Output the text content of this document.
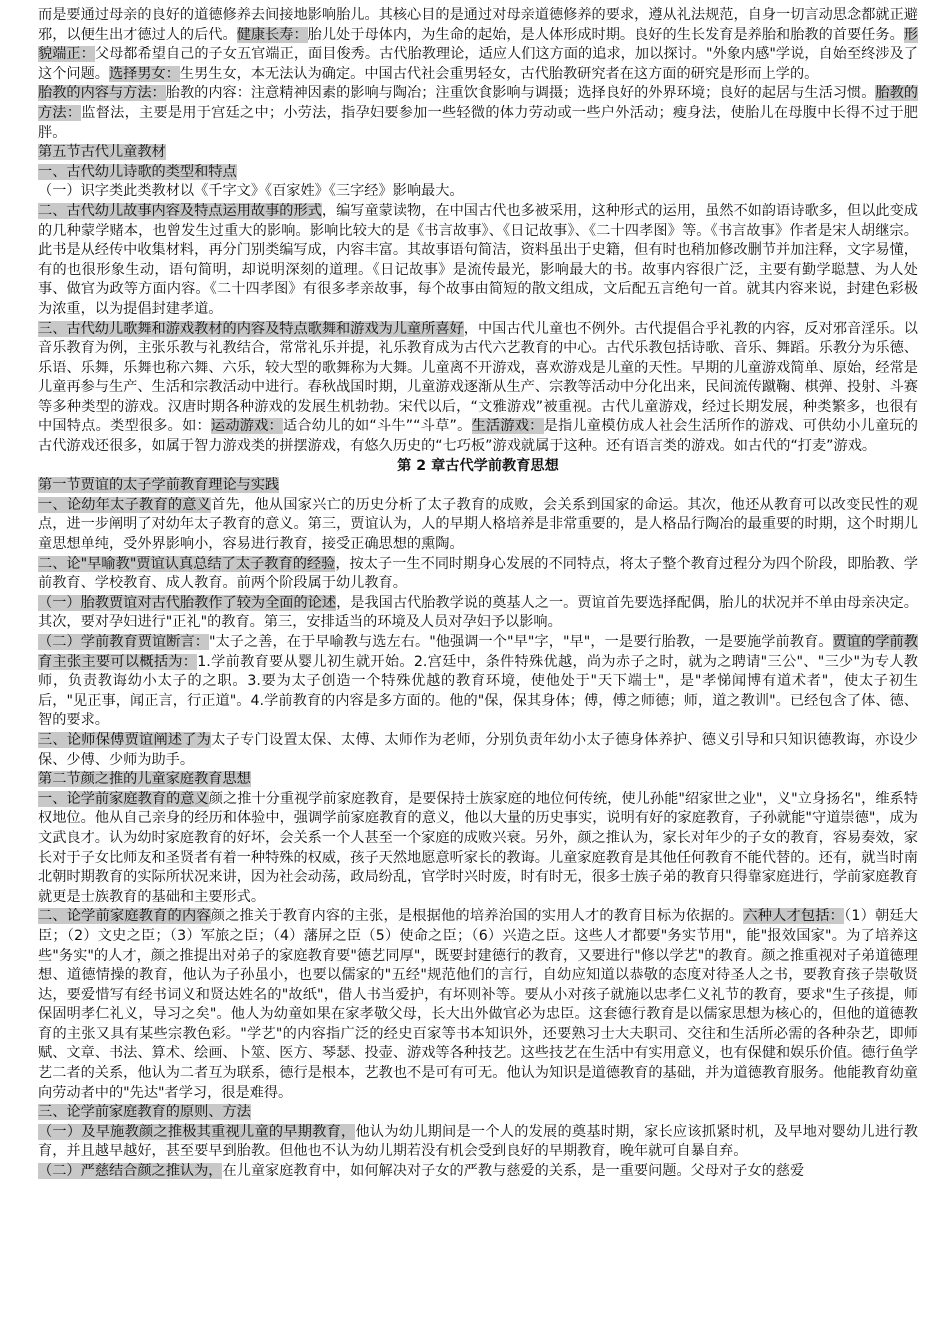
而是要通过母亲的良好的道德修养去间接地影响胎儿。其核心目的是通过对母亲道德修养的要求，遵从礼法规范，自身一切言动思念都就正避邪，以便生出才德过人的后代。健康长寿：胎儿处于母体内，为生命的起始，是人体形成时期。良好的生长发育是养胎和胎教的首要任务。形貌端正：父母都希望自己的子女五官端正，面目俊秀。古代胎教理论，适应人们这方面的追求，加以探讨。"外象内感"学说，自始至终涉及了这个问题。选择男女：生男生女，本无法认为确定。中国古代社会重男轻女，古代胎教研究者在这方面的研究是形而上学的。

胎教的内容与方法：胎教的内容：注意精神因素的影响与陶冶；注重饮食影响与调摄；选择良好的外界环境；良好的起居与生活习惯。胎教的方法：监督法，主要是用于宫廷之中；小劳法，指孕妇要参加一些轻微的体力劳动或一些户外活动；瘦身法，使胎儿在母腹中长得不过于肥胖。

第五节古代儿童教材

一、古代幼儿诗歌的类型和特点

（一）识字类此类教材以《千字文》《百家姓》《三字经》影响最大。

二、古代幼儿故事内容及特点运用故事的形式，编写童蒙读物，在中国古代也多被采用，这种形式的运用，虽然不如韵语诗歌多，但以此变成的几种蒙学赌本，也曾发生过重大的影响。影响比较大的是《书言故事》、《日记故事》、《二十四孝图》等。《书言故事》作者是宋人胡继宗。此书是从经传中收集材料，再分门别类编写成，内容丰富。其故事语句简洁，资料虽出于史籍，但有时也稍加修改删节并加注释，文字易懂，有的也很形象生动，语句简明，却说明深刻的道理。《日记故事》是流传最光，影响最大的书。故事内容很广泛，主要有勤学聪慧、为人处事、做官为政等方面内容。《二十四孝图》有很多孝亲故事，每个故事由简短的散文组成，文后配五言绝句一首。就其内容来说，封建色彩极为浓重，以为提倡封建孝道。

三、古代幼儿歌舞和游戏教材的内容及特点歌舞和游戏为儿童所喜好，中国古代儿童也不例外。古代提倡合乎礼教的内容，反对邪音淫乐。以音乐教育为例，主张乐教与礼教结合，常常礼乐并提，礼乐教育成为古代六艺教育的中心。古代乐教包括诗歌、音乐、舞蹈。乐教分为乐德、乐语、乐舞，乐舞也称六舞、六乐，较大型的歌舞称为大舞。儿童离不开游戏，喜欢游戏是儿童的天性。早期的儿童游戏简单、原始，经常是儿童再参与生产、生活和宗教活动中进行。春秋战国时期，儿童游戏逐渐从生产、宗教等活动中分化出来，民间流传蹴鞠、棋弹、投射、斗赛等多种类型的游戏。汉唐时期各种游戏的发展生机勃勃。宋代以后，“文雅游戏”被重视。古代儿童游戏，经过长期发展，种类繁多，也很有中国特点。类型很多。如：运动游戏：适合幼儿的如“斗牛”“斗草”。生活游戏：是指儿童模仿成人社会生活所作的游戏、可供幼小儿童玩的古代游戏还很多，如属于智力游戏类的拼摆游戏，有悠久历史的“七巧板”游戏就属于这种。还有语言类的游戏。如古代的“打麦”游戏。

第 2 章古代学前教育思想

第一节贾谊的太子学前教育理论与实践

一、论幼年太子教育的意义首先，他从国家兴亡的历史分析了太子教育的成败，会关系到国家的命运。其次，他还从教育可以改变民性的观点，进一步阐明了对幼年太子教育的意义。第三，贾谊认为，人的早期人格培养是非常重要的，是人格品行陶冶的最重要的时期，这个时期儿童思想单纯，受外界影响小，容易进行教育，接受正确思想的熏陶。

二、论"早喻教"贾谊认真总结了太子教育的经验，按太子一生不同时期身心发展的不同特点，将太子整个教育过程分为四个阶段，即胎教、学前教育、学校教育、成人教育。前两个阶段属于幼儿教育。

（一）胎教贾谊对古代胎教作了较为全面的论述，是我国古代胎教学说的奠基人之一。贾谊首先要选择配偶，胎儿的状况并不单由母亲决定。其次，要对孕妇进行"正礼"的教育。第三，安排适当的环境及人员对孕妇予以影响。

（二）学前教育贾谊断言："太子之善，在于早喻教与选左右。"他强调一个"早"字，"早"，一是要行胎教，一是要施学前教育。贾谊的学前教育主张主要可以概括为：1.学前教育要从婴儿初生就开始。2.宫廷中，条件特殊优越，尚为赤子之时，就为之聘请"三公"、"三少"为专人教师，负责教诲幼小太子的之职。3.要为太子创造一个特殊优越的教育环境，使他处于"天下端士"，是"孝悌闻博有道术者"，使太子初生后，"见正事，闻正言，行正道"。4.学前教育的内容是多方面的。他的"保，保其身体；傅，傅之师德；师，道之教训"。已经包含了体、德、智的要求。

三、论师保傅贾谊阐述了为太子专门设置太保、太傅、太师作为老师，分别负责年幼小太子德身体养护、德义引导和只知识德教诲，亦设少保、少傅、少师为助手。

第二节颜之推的儿童家庭教育思想

一、论学前家庭教育的意义颜之推十分重视学前家庭教育，是要保持士族家庭的地位何传统，使儿孙能"绍家世之业"，义"立身扬名"，维系特权地位。他从自己亲身的经历和体验中，强调学前家庭教育的意义，他以大量的历史事实，说明有好的家庭教育，子孙就能"守道崇德"，成为文武良才。认为幼时家庭教育的好坏，会关系一个人甚至一个家庭的成败兴衰。另外，颜之推认为，家长对年少的子女的教育，容易奏效，家长对于子女比师友和圣贤者有着一种特殊的权威，孩子天然地愿意听家长的教诲。儿童家庭教育是其他任何教育不能代替的。还有，就当时南北朝时期教育的实际所状况来讲，因为社会动荡，政局纷乱，官学时兴时废，时有时无，很多士族子弟的教育只得靠家庭进行，学前家庭教育就更是士族教育的基础和主要形式。

二、论学前家庭教育的内容颜之推关于教育内容的主张，是根据他的培养治国的实用人才的教育目标为依据的。六种人才包括：（1）朝廷大臣；（2）文史之臣；（3）军旅之臣；（4）藩屏之臣（5）使命之臣；（6）兴造之臣。这些人才都要"务实节用"，能"报效国家"。为了培养这些"务实"的人才，颜之推提出对弟子的家庭教育要"德艺同厚"，既要封建德行的教育，又要进行"修以学艺"的教育。颜之推重视对子弟道德理想、道德情操的教育，他认为子孙虽小，也要以儒家的"五经"规范他们的言行，自幼应知道以恭敬的态度对待圣人之书，要教育孩子崇敬贤达，要爱惜写有经书词义和贤达姓名的"故纸"，借人书当爱护，有坏则补等。要从小对孩子就施以忠孝仁义礼节的教育，要求"生子孩提，师保固明孝仁礼义，导习之矣"。他人为幼童如果在家孝敬父母，长大出外做官必为忠臣。这套德行教育是以儒家思想为核心的，但他的道德教育的主张又具有某些宗教色彩。"学艺"的内容指广泛的经史百家等书本知识外，还要熟习士大夫职司、交往和生活所必需的各种杂艺，即师赋、文章、书法、算术、绘画、卜筮、医方、琴瑟、投壶、游戏等各种技艺。这些技艺在生活中有实用意义，也有保健和娱乐价值。德行鱼学艺二者的关系，他认为二者互为联系，德行是根本，艺教也不是可有可无。他认为知识是道德教育的基础，并为道德教育服务。他能教育幼童向劳动者中的"先达"者学习，很是难得。

三、论学前家庭教育的原则、方法

（一）及早施教颜之推极其重视儿童的早期教育，他认为幼儿期间是一个人的发展的奠基时期，家长应该抓紧时机，及早地对婴幼儿进行教育，并且越早越好，甚至要早到胎教。但他也不认为幼儿期若没有机会受到良好的早期教育，晚年就可自暴自弃。

（二）严慈结合颜之推认为，在儿童家庭教育中，如何解决对子女的严教与慈爱的关系，是一重要问题。父母对子女的慈爱
